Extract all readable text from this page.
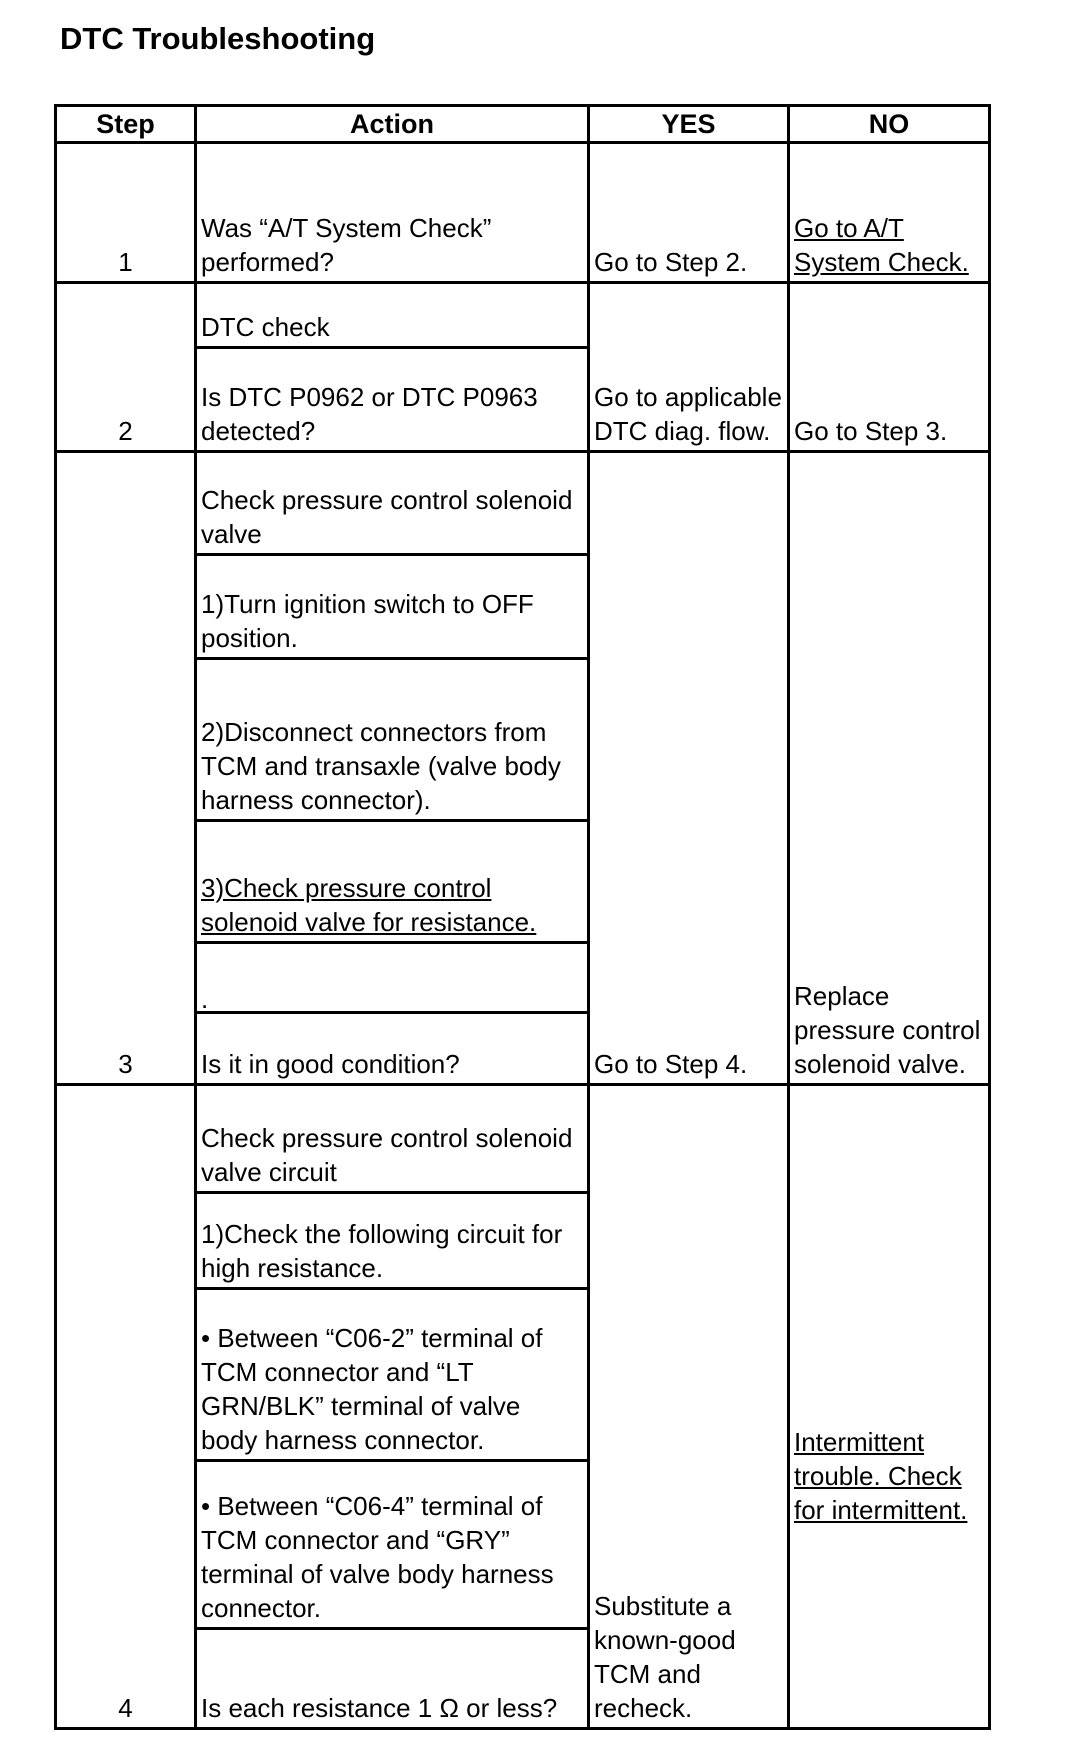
DTC Troubleshooting
Step	Action	YES	NO
1	Was “A/T System Check” performed?	Go to Step 2.	Go to A/T System Check.
2	DTC check	Go to applicable DTC diag. flow.	Go to Step 3.
	Is DTC P0962 or DTC P0963 detected?		
3	Check pressure control solenoid valve	Go to Step 4.	Replace pressure control solenoid valve.
	1)Turn ignition switch to OFF position.		
	2)Disconnect connectors from TCM and transaxle (valve body harness connector).		
	3)Check pressure control solenoid valve for resistance.		

	.		

	Is it in good condition?		
4	Check pressure control solenoid valve circuit	Substitute a known-good TCM and recheck.	Intermittent trouble. Check for intermittent.
	1)Check the following circuit for high resistance.		
	• Between “C06-2” terminal of TCM connector and “LT GRN/BLK” terminal of valve body harness connector.		
	• Between “C06-4” terminal of TCM connector and “GRY” terminal of valve body harness connector.		
	Is each resistance 1 Ω or less?		
